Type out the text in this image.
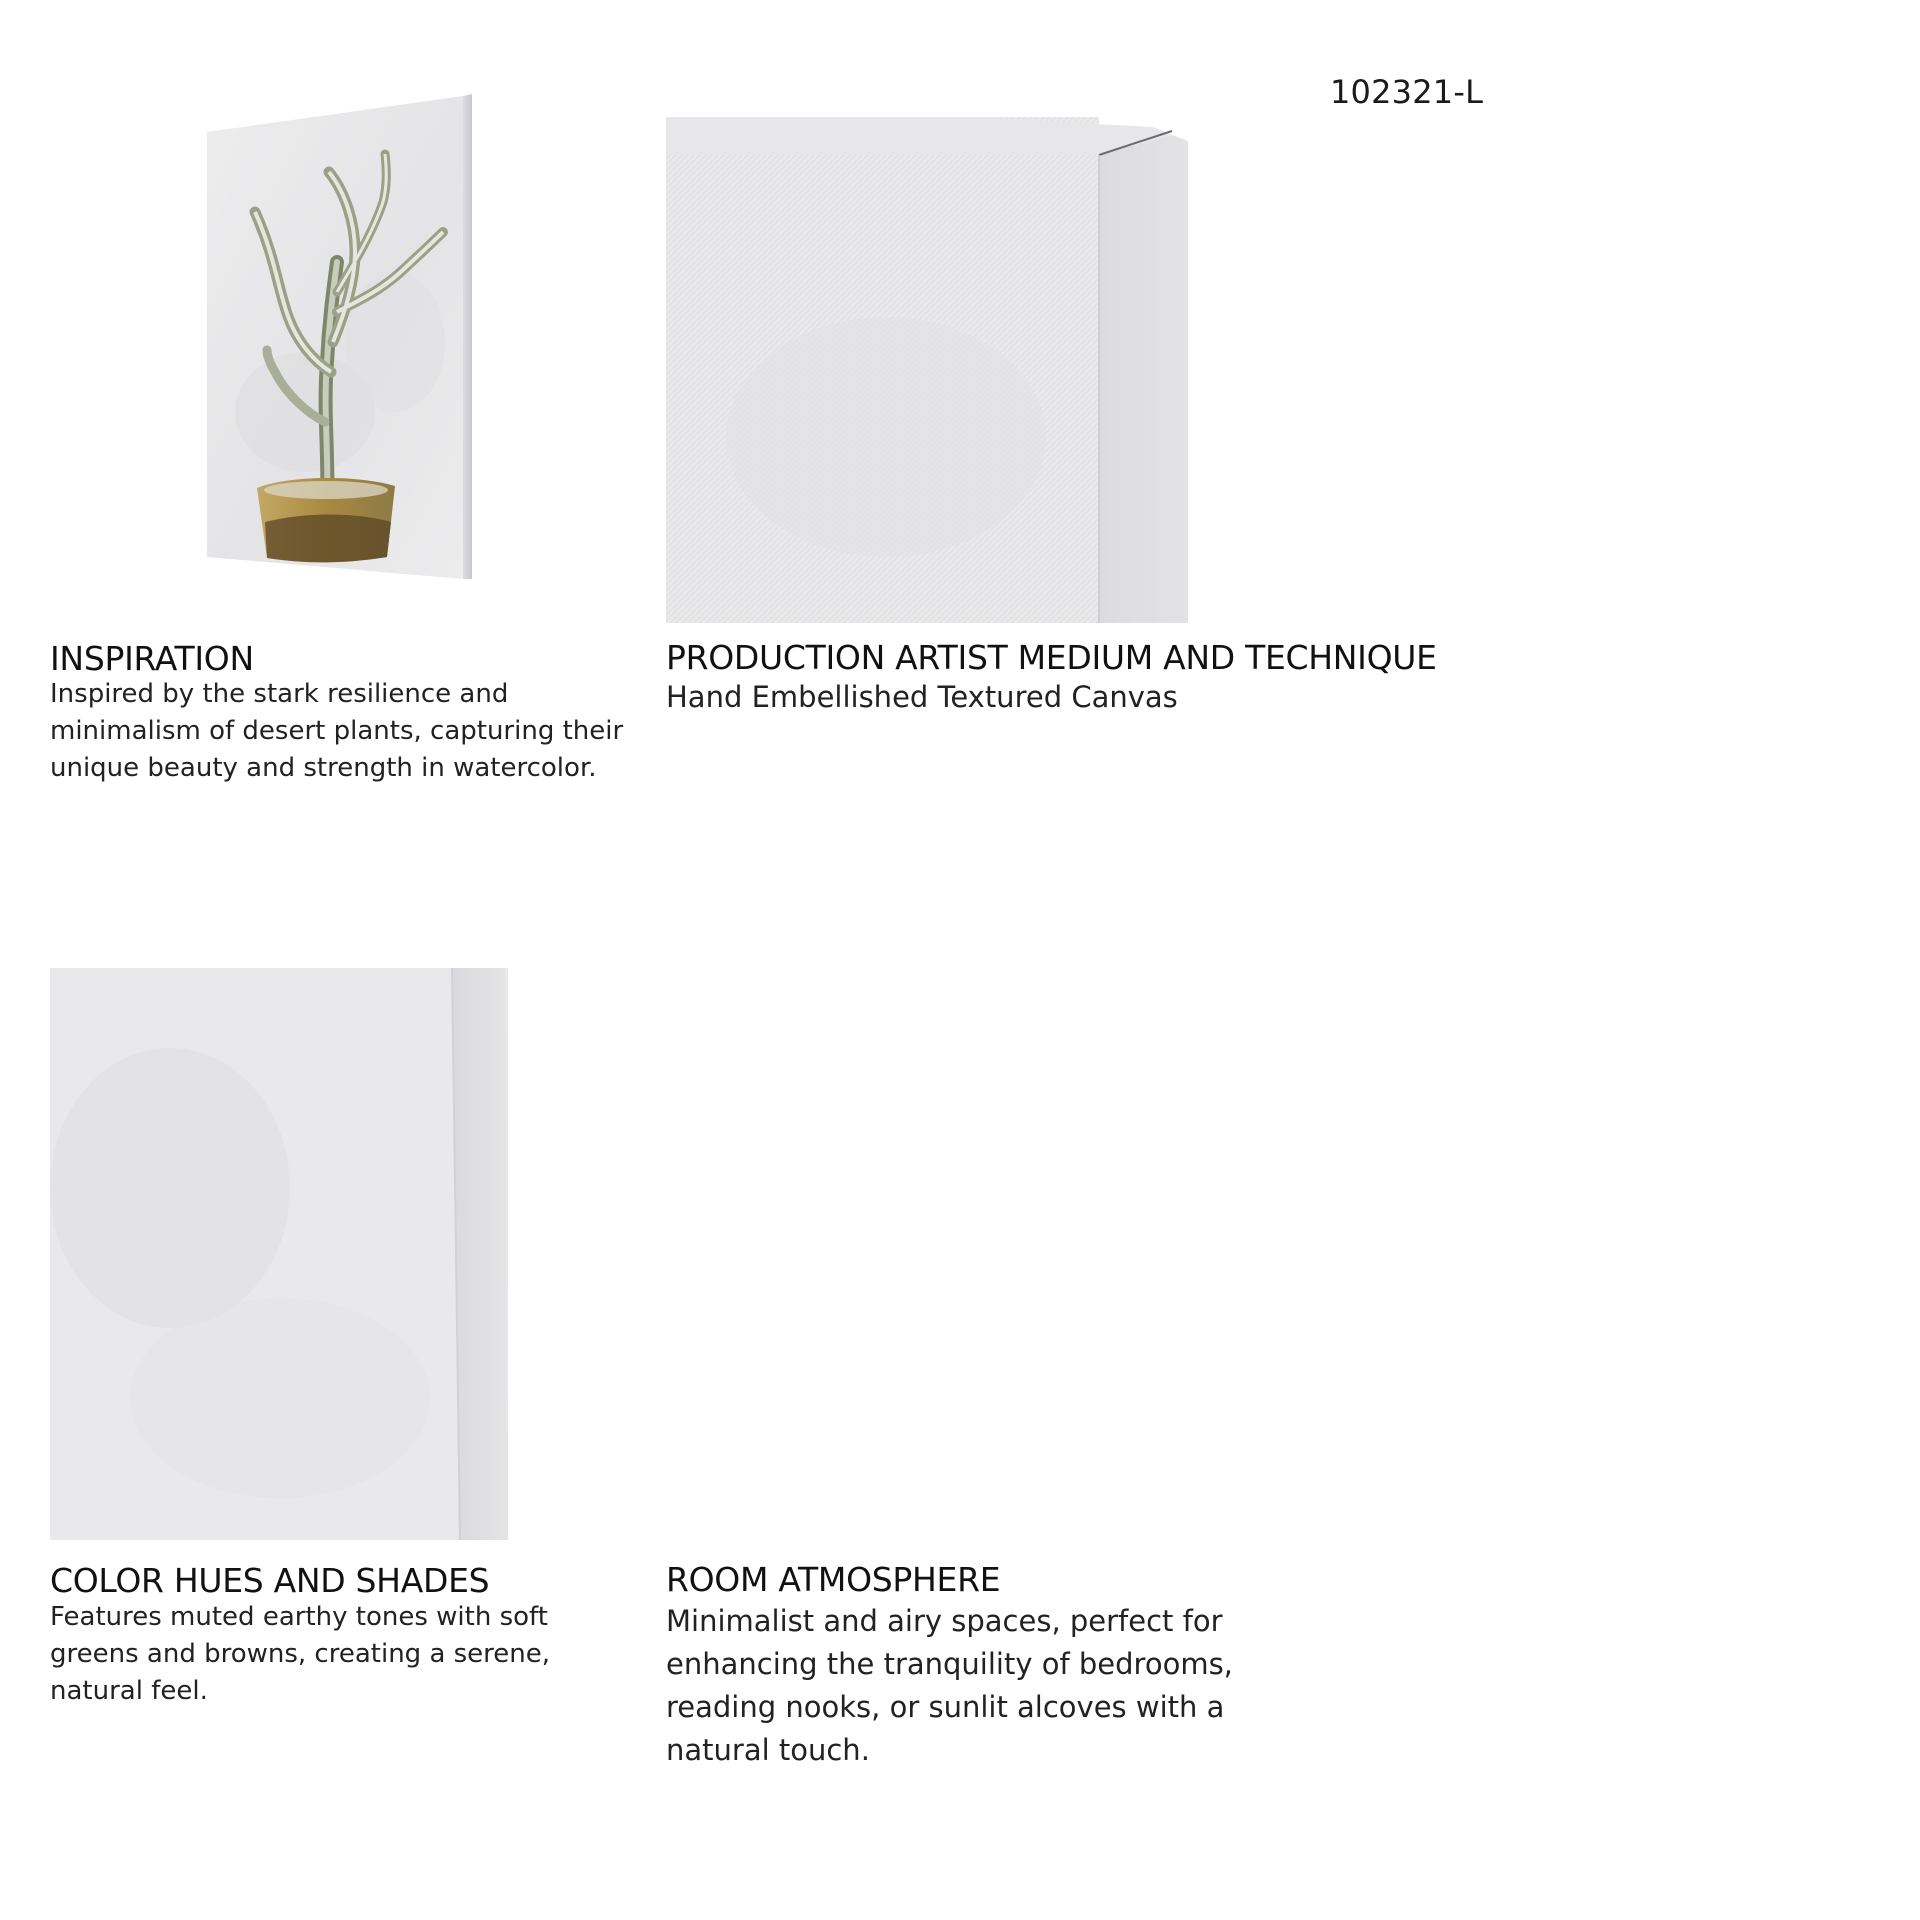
102321-L
INSPIRATION
Inspired by the stark resilience and minimalism of desert plants, capturing their unique beauty and strength in watercolor.
PRODUCTION ARTIST MEDIUM AND TECHNIQUE
Hand Embellished Textured Canvas
COLOR HUES AND SHADES
Features muted earthy tones with soft greens and browns, creating a serene, natural feel.
ROOM ATMOSPHERE
Minimalist and airy spaces, perfect for enhancing the tranquility of bedrooms, reading nooks, or sunlit alcoves with a natural touch.
